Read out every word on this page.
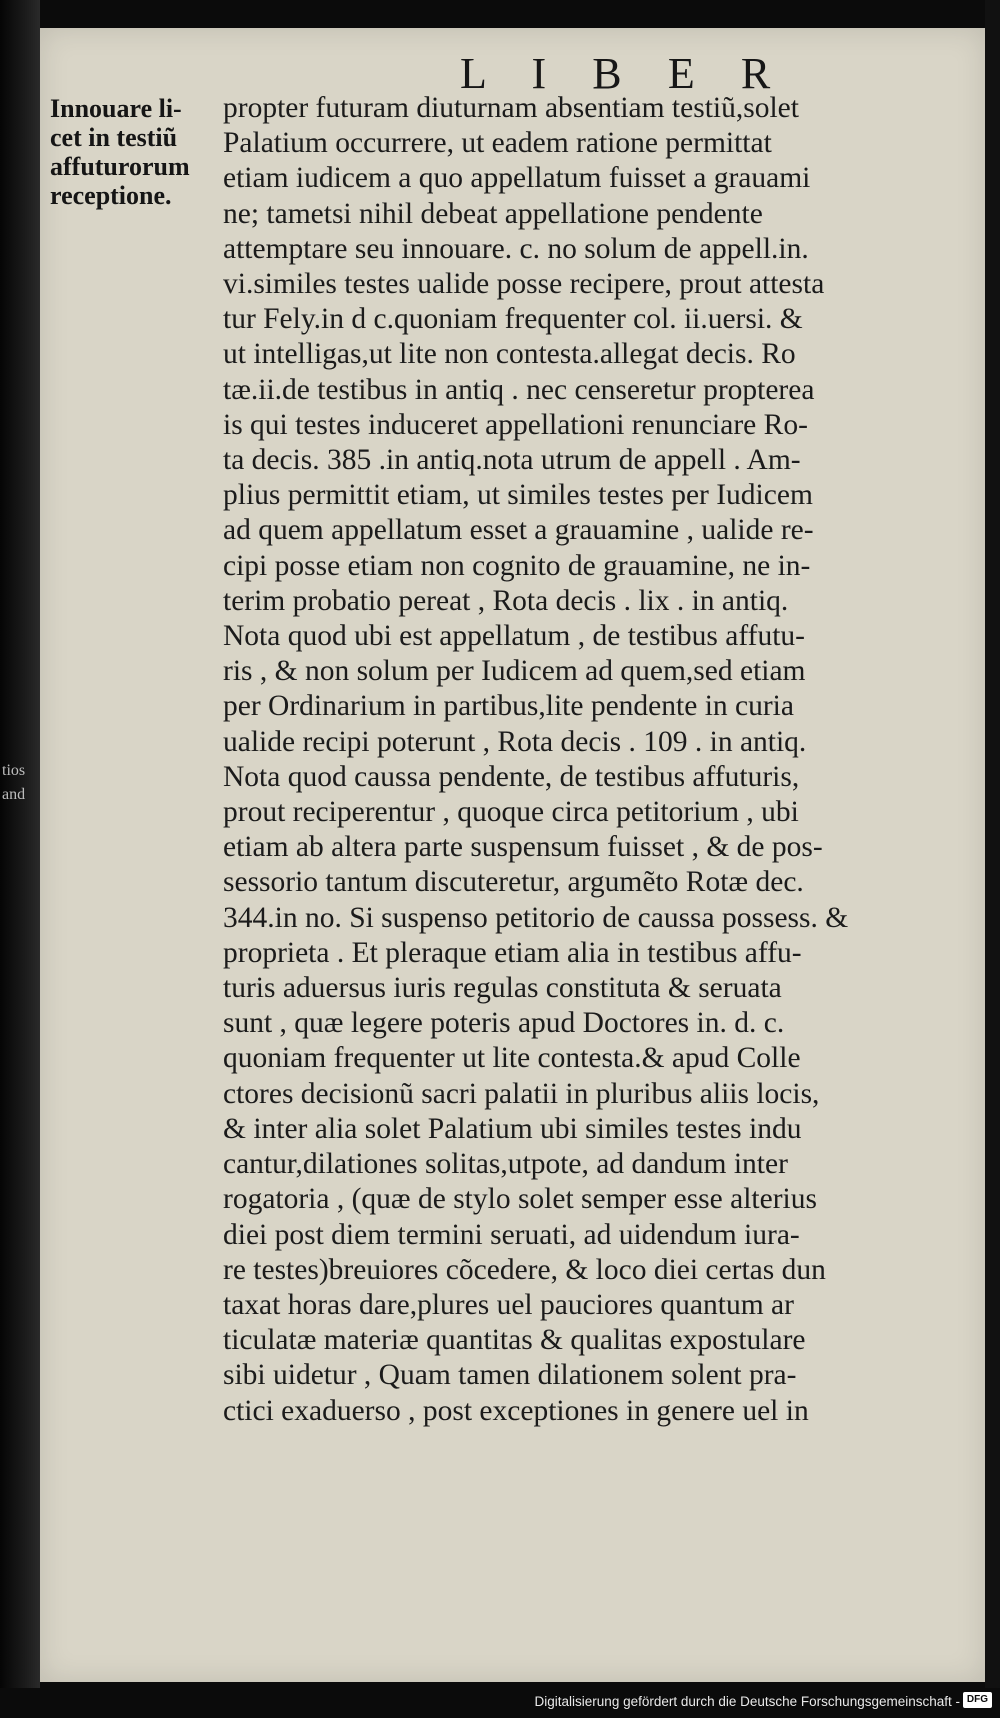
tios
and
L I B E R
Innouare li-
cet in testiũ
affuturorum
receptione.
propter futuram diuturnam absentiam testiũ,solet
Palatium occurrere, ut eadem ratione permittat
etiam iudicem a quo appellatum fuisset a grauami
ne; tametsi nihil debeat appellatione pendente
attemptare seu innouare. c. no solum de appell.in.
vi.similes testes ualide posse recipere, prout attesta
tur Fely.in d c.quoniam frequenter col. ii.uersi. &
ut intelligas,ut lite non contesta.allegat decis. Ro
tæ.ii.de testibus in antiq . nec censeretur propterea
is qui testes induceret appellationi renunciare Ro-
ta decis. 385 .in antiq.nota utrum de appell . Am-
plius permittit etiam, ut similes testes per Iudicem
ad quem appellatum esset a grauamine , ualide re-
cipi posse etiam non cognito de grauamine, ne in-
terim probatio pereat , Rota decis . lix . in antiq.
Nota quod ubi est appellatum , de testibus affutu-
ris , & non solum per Iudicem ad quem,sed etiam
per Ordinarium in partibus,lite pendente in curia
ualide recipi poterunt , Rota decis . 109 . in antiq.
Nota quod caussa pendente, de testibus affuturis,
prout reciperentur , quoque circa petitorium , ubi
etiam ab altera parte suspensum fuisset , & de pos-
sessorio tantum discuteretur, argumẽto Rotæ dec.
344.in no. Si suspenso petitorio de caussa possess. &
proprieta . Et pleraque etiam alia in testibus affu-
turis aduersus iuris regulas constituta & seruata
sunt , quæ legere poteris apud Doctores in. d. c.
quoniam frequenter ut lite contesta.& apud Colle
ctores decisionũ sacri palatii in pluribus aliis locis,
& inter alia solet Palatium ubi similes testes indu
cantur,dilationes solitas,utpote, ad dandum inter
rogatoria , (quæ de stylo solet semper esse alterius
diei post diem termini seruati, ad uidendum iura-
re testes)breuiores cõcedere, & loco diei certas dun
taxat horas dare,plures uel pauciores quantum ar
ticulatæ materiæ quantitas & qualitas expostulare
sibi uidetur , Quam tamen dilationem solent pra-
ctici exaduerso , post exceptiones in genere uel in
Digitalisierung gefördert durch die Deutsche Forschungsgemeinschaft - DFG
